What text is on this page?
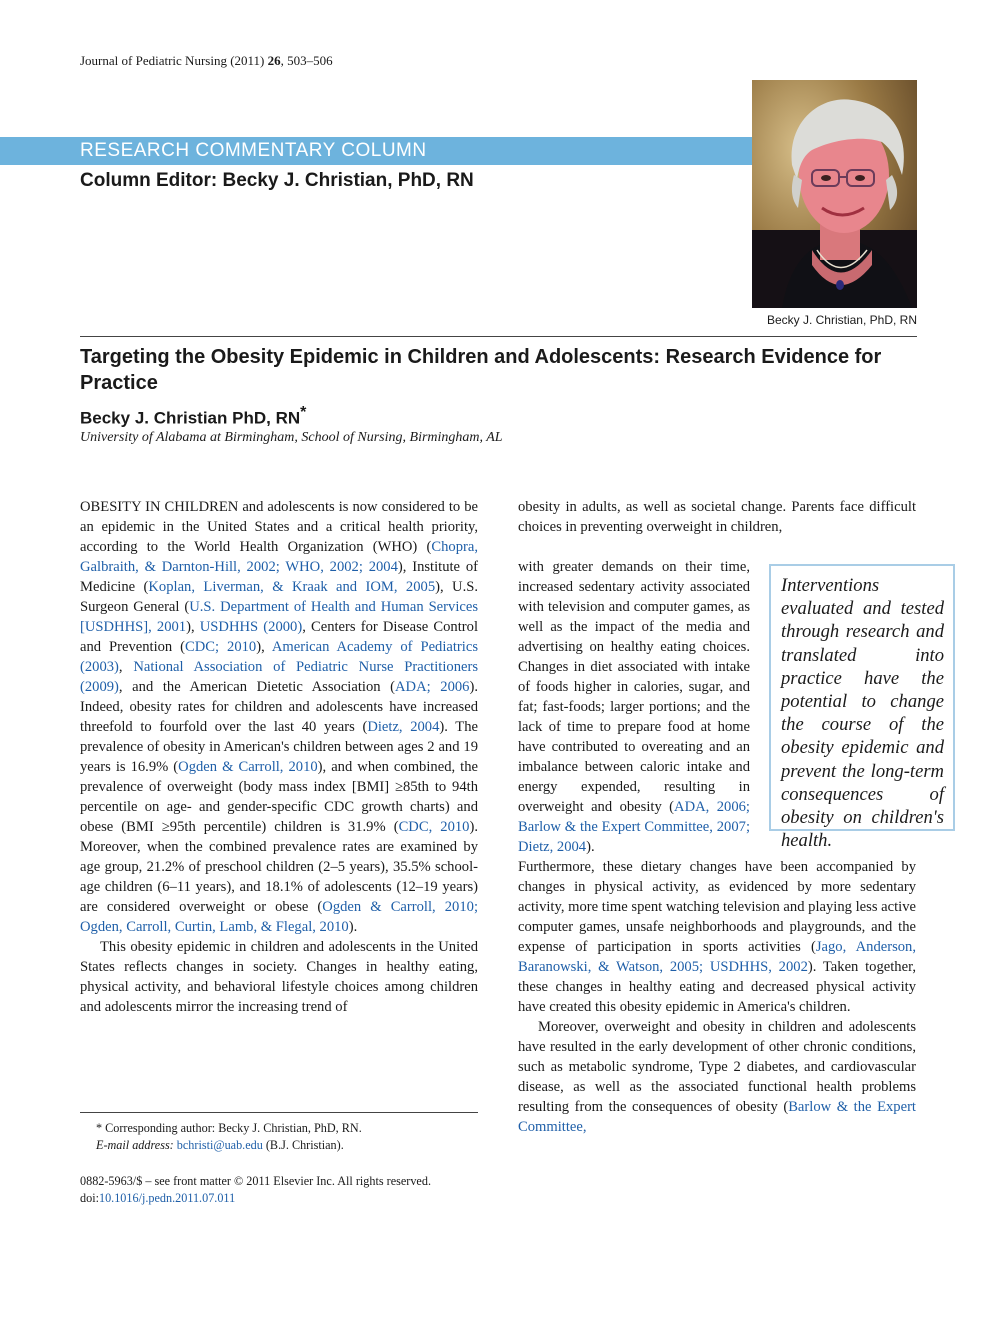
Journal of Pediatric Nursing (2011) 26, 503–506
RESEARCH COMMENTARY COLUMN
Column Editor: Becky J. Christian, PhD, RN
Becky J. Christian, PhD, RN
Targeting the Obesity Epidemic in Children and Adolescents: Research Evidence for Practice
Becky J. Christian PhD, RN*
University of Alabama at Birmingham, School of Nursing, Birmingham, AL

OBESITY IN CHILDREN and adolescents is now considered to be an epidemic in the United States and a critical health priority, according to the World Health Organization (WHO) (Chopra, Galbraith, & Darnton-Hill, 2002; WHO, 2002; 2004), Institute of Medicine (Koplan, Liverman, & Kraak and IOM, 2005), U.S. Surgeon General (U.S. Department of Health and Human Services [USDHHS], 2001), USDHHS (2000), Centers for Disease Control and Prevention (CDC; 2010), American Academy of Pediatrics (2003), National Association of Pediatric Nurse Practitioners (2009), and the American Dietetic Association (ADA; 2006). Indeed, obesity rates for children and adolescents have increased threefold to fourfold over the last 40 years (Dietz, 2004). The prevalence of obesity in American's children between ages 2 and 19 years is 16.9% (Ogden & Carroll, 2010), and when combined, the prevalence of overweight (body mass index [BMI] ≥85th to 94th percentile on age- and gender-specific CDC growth charts) and obese (BMI ≥95th percentile) children is 31.9% (CDC, 2010). Moreover, when the combined prevalence rates are examined by age group, 21.2% of preschool children (2–5 years), 35.5% school-age children (6–11 years), and 18.1% of adolescents (12–19 years) are considered overweight or obese (Ogden & Carroll, 2010; Ogden, Carroll, Curtin, Lamb, & Flegal, 2010).

This obesity epidemic in children and adolescents in the United States reflects changes in society. Changes in healthy eating, physical activity, and behavioral lifestyle choices among children and adolescents mirror the increasing trend of

obesity in adults, as well as societal change. Parents face difficult choices in preventing overweight in children,

with greater demands on their time, increased sedentary activity associated with television and computer games, as well as the impact of the media and advertising on healthy eating choices. Changes in diet associated with intake of foods higher in calories, sugar, and fat; fast-foods; larger portions; and the lack of time to prepare food at home have contributed to overeating and an imbalance between caloric intake and energy expended, resulting in overweight and obesity (ADA, 2006; Barlow & the Expert Committee, 2007; Dietz, 2004).

Furthermore, these dietary changes have been accompanied by changes in physical activity, as evidenced by more sedentary activity, more time spent watching television and playing less active computer games, unsafe neighborhoods and playgrounds, and the expense of participation in sports activities (Jago, Anderson, Baranowski, & Watson, 2005; USDHHS, 2002). Taken together, these changes in healthy eating and decreased physical activity have created this obesity epidemic in America's children.

Moreover, overweight and obesity in children and adolescents have resulted in the early development of other chronic conditions, such as metabolic syndrome, Type 2 diabetes, and cardiovascular disease, as well as the associated functional health problems resulting from the consequences of obesity (Barlow & the Expert Committee,

Interventions evaluated and tested through research and translated into practice have the potential to change the course of the obesity epidemic and prevent the long-term consequences of obesity on children's health.
* Corresponding author: Becky J. Christian, PhD, RN.
E-mail address: bchristi@uab.edu (B.J. Christian).
0882-5963/$ – see front matter © 2011 Elsevier Inc. All rights reserved.
doi:10.1016/j.pedn.2011.07.011
